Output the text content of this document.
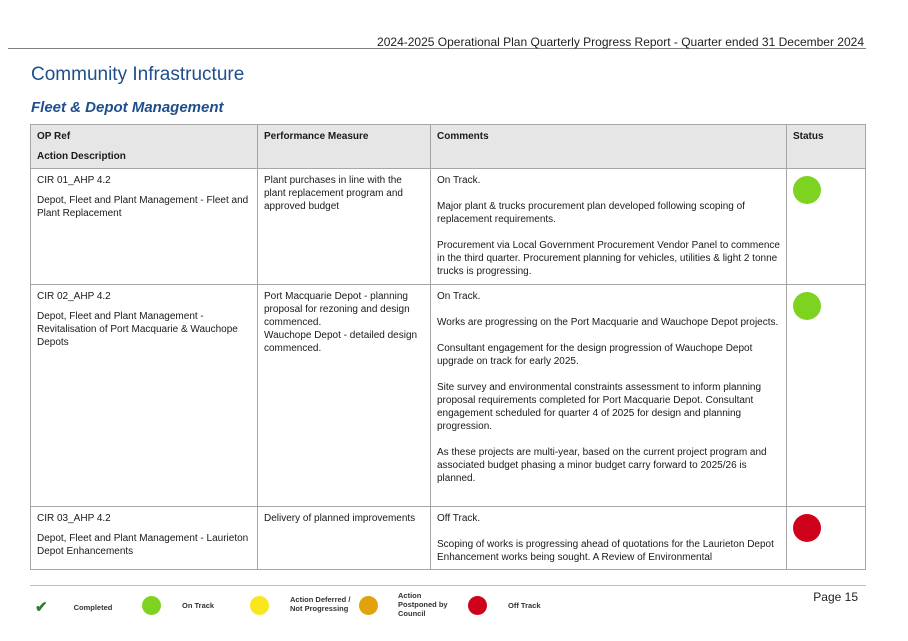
2024-2025 Operational Plan Quarterly Progress Report - Quarter ended 31 December 2024
Community Infrastructure
Fleet & Depot Management
OP Ref
Action Description	Performance Measure	Comments	Status

CIR 01_AHP 4.2
Depot, Fleet and Plant Management - Fleet and Plant Replacement	Plant purchases in line with the plant replacement program and approved budget	On Track.
Major plant & trucks procurement plan developed following scoping of replacement requirements.
Procurement via Local Government Procurement Vendor Panel to commence in the third quarter. Procurement planning for vehicles, utilities & light 2 tonne trucks is progressing.	

CIR 02_AHP 4.2
Depot, Fleet and Plant Management - Revitalisation of Port Macquarie & Wauchope Depots	Port Macquarie Depot - planning proposal for rezoning and design commenced.
Wauchope Depot - detailed design commenced.	On Track.
Works are progressing on the Port Macquarie and Wauchope Depot projects.
Consultant engagement for the design progression of Wauchope Depot upgrade on track for early 2025.
Site survey and environmental constraints assessment to inform planning proposal requirements completed for Port Macquarie Depot. Consultant engagement scheduled for quarter 4 of 2025 for design and planning progression.
As these projects are multi-year, based on the current project program and associated budget phasing a minor budget carry forward to 2025/26 is planned.	

CIR 03_AHP 4.2
Depot, Fleet and Plant Management - Laurieton Depot Enhancements	Delivery of planned improvements	Off Track.
Scoping of works is progressing ahead of quotations for the Laurieton Depot Enhancement works being sought. A Review of Environmental	

✔	Completed	On Track
Action Deferred /
Not Progressing
Action
Postponed by
Council
Off Track
Page 15
